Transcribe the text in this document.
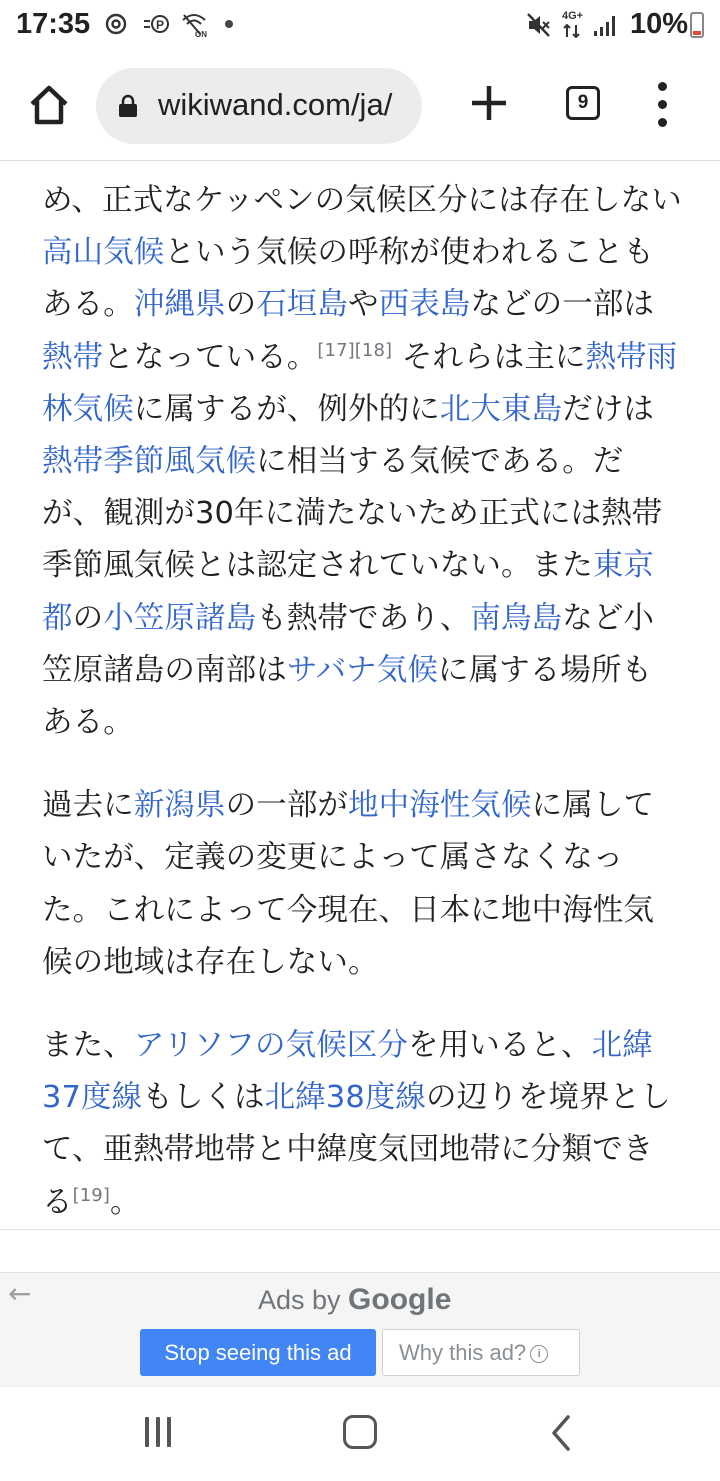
17:35	P
ON
4G+ 10%
wikiwand.com/ja/	9

め、正式なケッペンの気候区分には存在しない高山気候という気候の呼称が使われることもある。沖縄県の石垣島や西表島などの一部は熱帯となっている。[17][18] それらは主に熱帯雨林気候に属するが、例外的に北大東島だけは熱帯季節風気候に相当する気候である。だが、観測が30年に満たないため正式には熱帯季節風気候とは認定されていない。また東京都の小笠原諸島も熱帯であり、南鳥島など小笠原諸島の南部はサバナ気候に属する場所もある。

過去に新潟県の一部が地中海性気候に属していたが、定義の変更によって属さなくなった。これによって今現在、日本に地中海性気候の地域は存在しない。

また、アリソフの気候区分を用いると、北緯37度線もしくは北緯38度線の辺りを境界として、亜熱帯地帯と中緯度気団地帯に分類できる[19]。

←	Ads by Google
Stop seeing this ad	Why this ad? i
